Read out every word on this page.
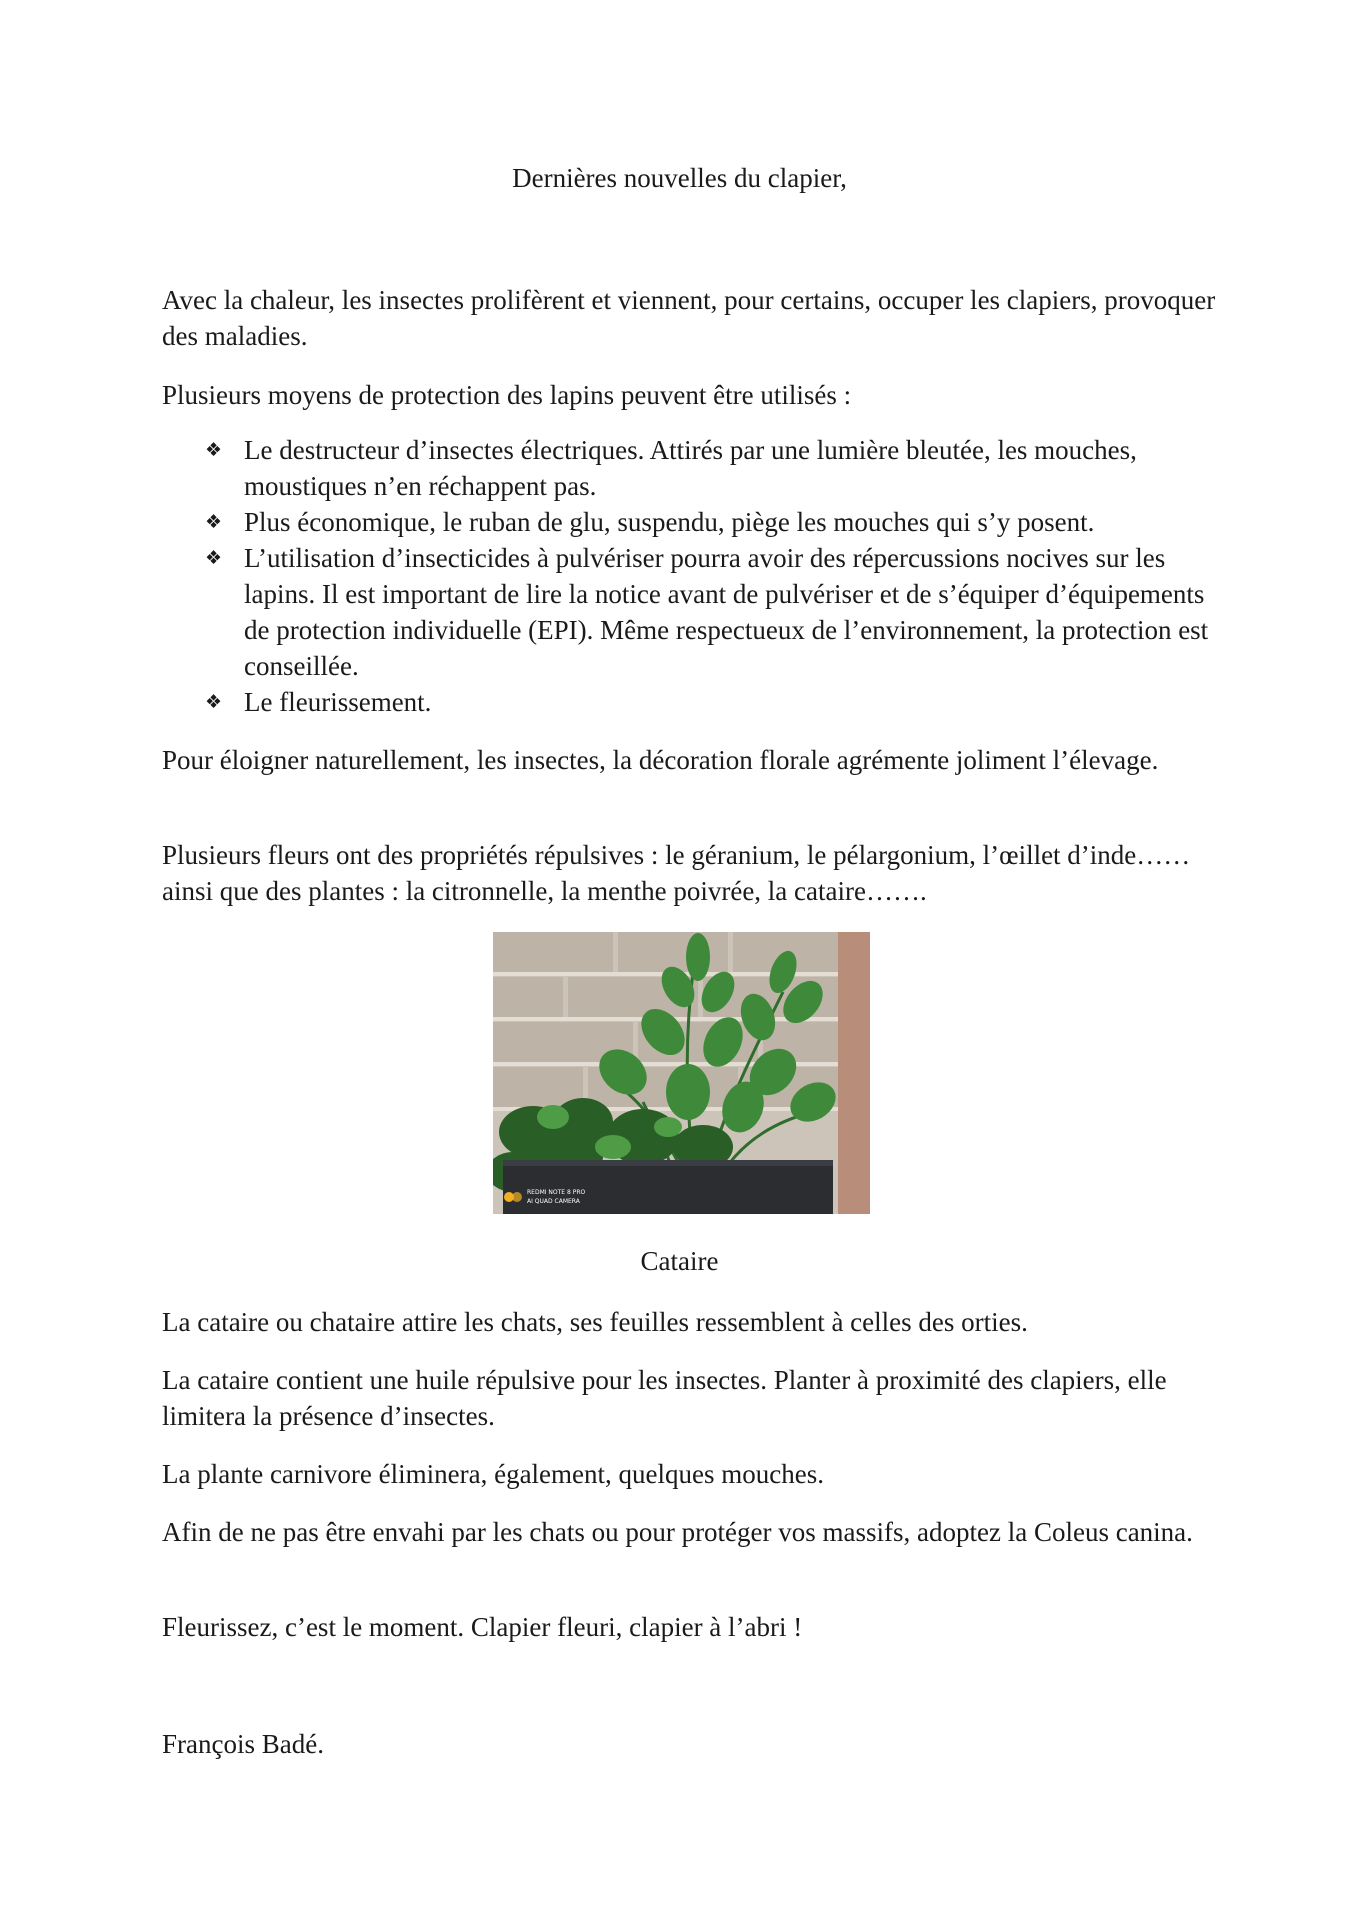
Dernières nouvelles du clapier,

Avec la chaleur, les insectes prolifèrent et viennent, pour certains, occuper les clapiers, provoquer des maladies.

Plusieurs moyens de protection des lapins peuvent être utilisés :

❖ Le destructeur d’insectes électriques. Attirés par une lumière bleutée, les mouches, moustiques n’en réchappent pas.
❖ Plus économique, le ruban de glu, suspendu, piège les mouches qui s’y posent.
❖ L’utilisation d’insecticides à pulvériser pourra avoir des répercussions nocives sur les lapins. Il est important de lire la notice avant de pulvériser et de s’équiper d’équipements de protection individuelle (EPI). Même respectueux de l’environnement, la protection est conseillée.
❖ Le fleurissement.

Pour éloigner naturellement, les insectes, la décoration florale agrémente joliment l’élevage.

Plusieurs fleurs ont des propriétés répulsives : le géranium, le pélargonium, l’œillet d’inde……ainsi que des plantes : la citronnelle, la menthe poivrée, la cataire…….

REDMI NOTE 8 PRO
AI QUAD CAMERA
Cataire

La cataire ou chataire attire les chats, ses feuilles ressemblent à celles des orties.

La cataire contient une huile répulsive pour les insectes. Planter à proximité des clapiers, elle limitera la présence d’insectes.

La plante carnivore éliminera, également, quelques mouches.

Afin de ne pas être envahi par les chats ou pour protéger vos massifs, adoptez la Coleus canina.

Fleurissez, c’est le moment. Clapier fleuri, clapier à l’abri !

François Badé.
